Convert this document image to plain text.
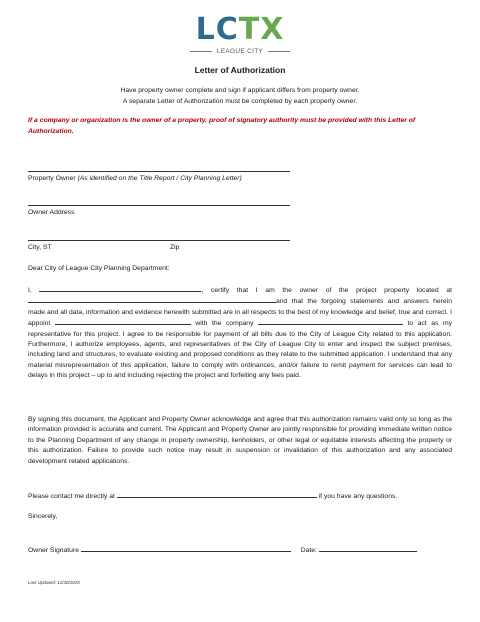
LCTX
LEAGUE CITY
Letter of Authorization
Have property owner complete and sign if applicant differs from property owner.
A separate Letter of Authorization must be completed by each property owner.
If a company or organization is the owner of a property, proof of signatory authority must be provided with this Letter of Authorization.
Property Owner (As identified on the Title Report / City Planning Letter)
Owner Address
City, ST	Zip
Dear City of League City Planning Department:
I,	, certify that I am the owner of the project property located at and that the forgoing statements and answers herein made and all data, information and evidence herewith submitted are in all respects to the best of my knowledge and belief, true and correct. I appoint	with the company	to act as my representative for this project. I agree to be responsible for payment of all bills due to the City of League City related to this application. Furthermore, I authorize employees, agents, and representatives of the City of League City to enter and inspect the subject premises, including land and structures, to evaluate existing and proposed conditions as they relate to the submitted application. I understand that any material misrepresentation of this application, failure to comply with ordinances, and/or failure to remit payment for services can lead to delays in this project – up to and including rejecting the project and forfeiting any fees paid.
By signing this document, the Applicant and Property Owner acknowledge and agree that this authorization remains valid only so long as the information provided is accurate and current. The Applicant and Property Owner are jointly responsible for providing immediate written notice to the Planning Department of any change in property ownership, lienholders, or other legal or equitable interests affecting the property or this authorization. Failure to provide such notice may result in suspension or invalidation of this authorization and any associated development related applications.
Please contact me directly at	if you have any questions.
Sincerely,
Owner Signature	Date:
Last Updated: 12/30/2025
